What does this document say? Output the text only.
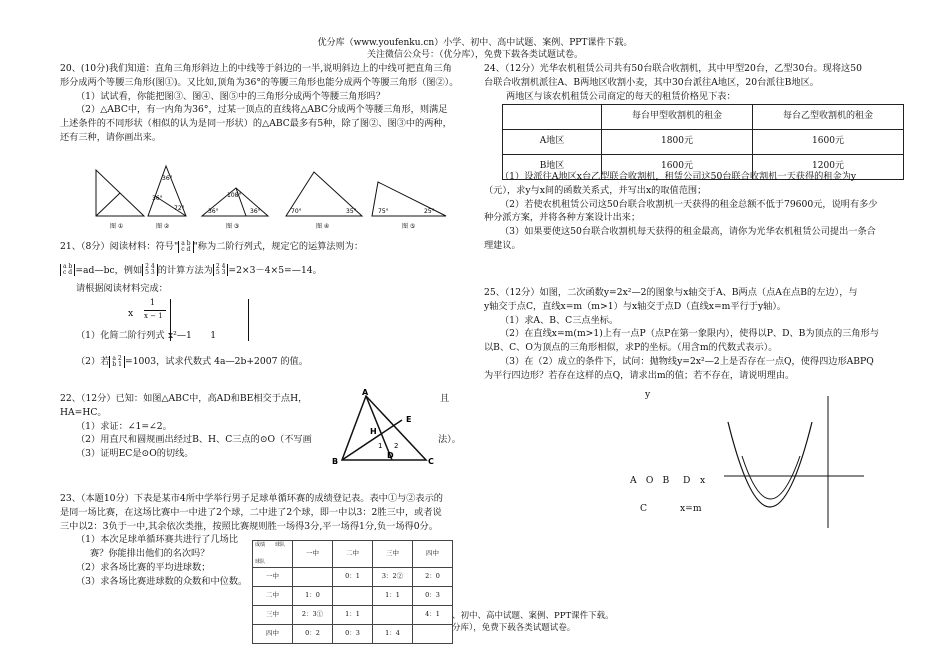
优分库（www.youfenku.cn）小学、初中、高中试题、案例、PPT课件下载。
关注微信公众号：（优分库），免费下载各类试题试卷。

20、(10分)我们知道：直角三角形斜边上的中线等于斜边的一半,说明斜边上的中线可把直角三角

形分成两个等腰三角形(图①)。又比如,顶角为36°的等腰三角形也能分成两个等腰三角形（图②）。

（1）试试看，你能把图③、图④、图⑤中的三角形分成两个等腰三角形吗？

（2）△ABC中，有一内角为36°，过某一顶点的直线将△ABC分成两个等腰三角形，则满足

上述条件的不同形状（相似的认为是同一形状）的△ABC最多有5种，除了图②、图③中的两种，

还有三种，请你画出来。

36°
36°
72°
108°
36°	36°	70°	35°	75°	25°
图 ①	图 ②	图 ③	图 ④	图 ⑤

21、（8分）阅读材料：符号" a b
c d "称为二阶行列式，规定它的运算法则为：

a b
c d =ad—bc，例如 2 4
5 3 的计算方法为 2 4
5 3 =2×3－4×5=—14。

请根据阅读材料完成：

x
1
x − 1
（1）化简二阶行列式 x²—1　　1

（2）若 a 2
b 1 =1003，试求代数式 4a—2b+2007 的值。

22、（12分）已知：如图△ABC中，高AD和BE相交于点H，	且

HA=HC。

（1）求证：∠1=∠2。

（2）用直尺和圆规画出经过B、H、C三点的⊙O（不写画	法）。

（3）证明EC是⊙O的切线。

A
B	C
D
E
H
1 2

23、（本题10分）下表是某市4所中学举行男子足球单循环赛的成绩登记表。表中①与②表示的

是同一场比赛，在这场比赛中一中进了2个球，二中进了2个球，即一中以3：2胜三中，或者说

三中以2：3负于一中,其余依次类推，按照比赛规则胜一场得3分,平一场得1分,负一场得0分。

（1）本次足球单循环赛共进行了几场比

赛？你能排出他们的名次吗？

（2）求各场比赛的平均进球数；

（3）求各场比赛进球数的众数和中位数。

成绩　　球队
球队	一中	二中	三中	四中
一中		0：1	3：2②	2：0
二中	1：0		1：1	0：3
三中	2：3①	1：1		4：1
四中	0：2	0：3	1：4	

24、（12分）光华农机租赁公司共有50台联合收割机，其中甲型20台，乙型30台。现将这50

台联合收割机派往A、B两地区收割小麦，其中30台派往A地区，20台派往B地区。

两地区与该农机租赁公司商定的每天的租赁价格见下表：

	每台甲型收割机的租金	每台乙型收割机的租金
A地区	1800元	1600元
B地区	1600元	1200元

（1）设派往A地区x台乙型联合收割机，租赁公司这50台联合收割机一天获得的租金为y

（元），求y与x间的函数关系式，并写出x的取值范围；

（2）若使农机租赁公司这50台联合收割机一天获得的租金总额不低于79600元，说明有多少

种分派方案，并将各种方案设计出来；

（3）如果要使这50台联合收割机每天获得的租金最高，请你为光华农机租赁公司提出一条合

理建议。

25、（12分）如图，二次函数y=2x²—2的图象与x轴交于A、B两点（点A在点B的左边），与

y轴交于点C，直线x=m（m>1）与x轴交于点D（直线x=m平行于y轴）。

（1）求A、B、C三点坐标。

（2）在直线x=m(m>1)上有一点P（点P在第一象限内），使得以P、D、B为顶点的三角形与

以B、C、O为顶点的三角形相似，求P的坐标。（用含m的代数式表示）。

（3）在（2）成立的条件下，试问：抛物线y=2x²—2上是否存在一点Q，使得四边形ABPQ

为平行四边形？若存在这样的点Q，请求出m的值；若不存在，请说明理由。

y
A　O　B D x
C	x=m
、初中、高中试题、案例、PPT课件下载。
分库），免费下载各类试题试卷。
